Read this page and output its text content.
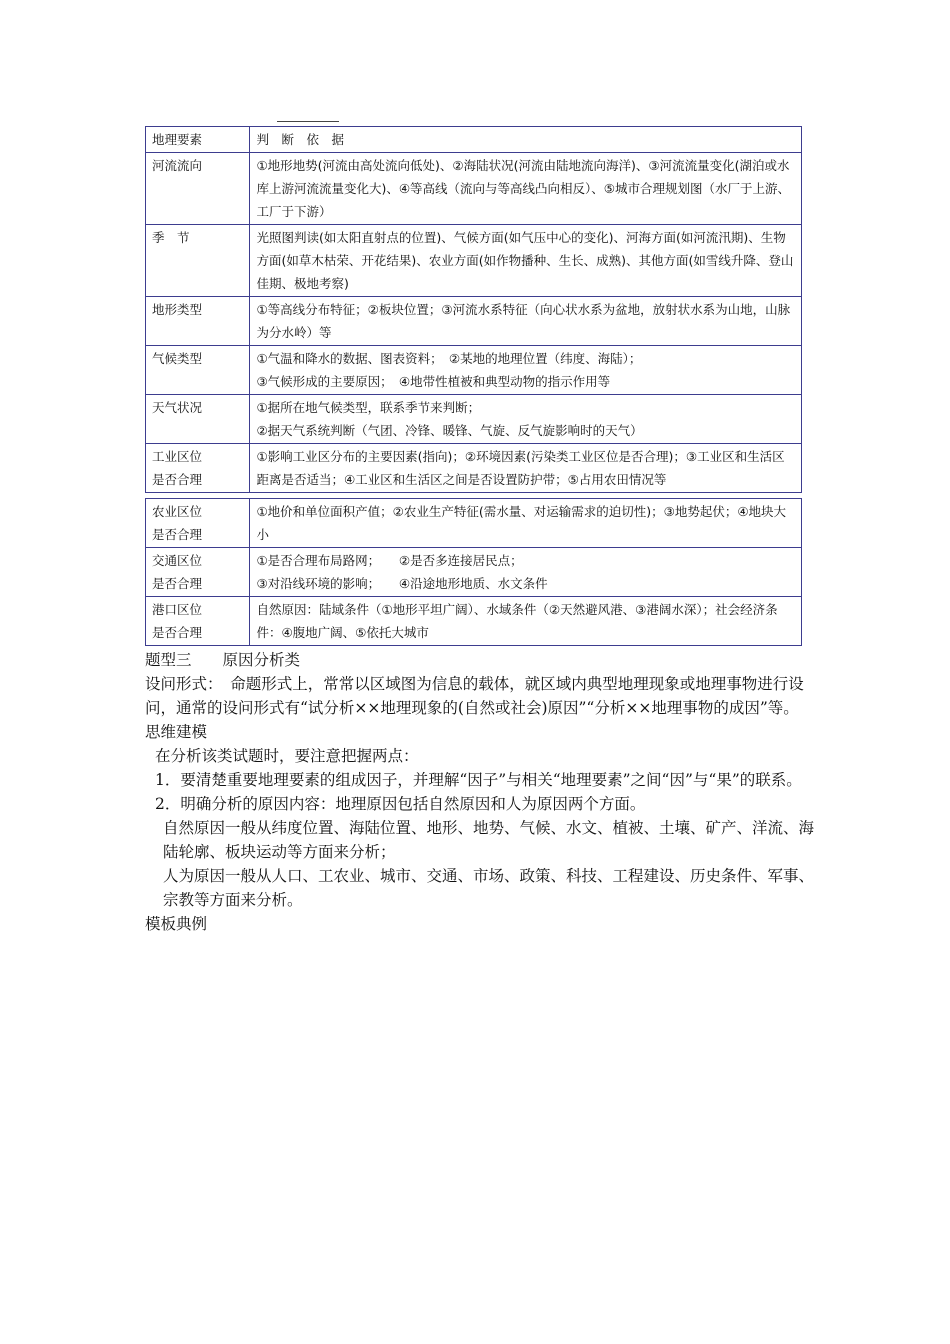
地理要素	判　断　依　据

河流流向	①地形地势(河流由高处流向低处)、②海陆状况(河流由陆地流向海洋)、③河流流量变化(湖泊或水库上游河流流量变化大)、④等高线（流向与等高线凸向相反）、⑤城市合理规划图（水厂于上游、工厂于下游）

季　节	光照图判读(如太阳直射点的位置)、气候方面(如气压中心的变化)、河海方面(如河流汛期)、生物方面(如草木枯荣、开花结果)、农业方面(如作物播种、生长、成熟)、其他方面(如雪线升降、登山佳期、极地考察)

地形类型	①等高线分布特征；②板块位置；③河流水系特征（向心状水系为盆地，放射状水系为山地，山脉为分水岭）等

气候类型	①气温和降水的数据、图表资料；　②某地的地理位置（纬度、海陆）；
③气候形成的主要原因；　④地带性植被和典型动物的指示作用等

天气状况	①据所在地气候类型，联系季节来判断；
②据天气系统判断（气团、冷锋、暖锋、气旋、反气旋影响时的天气）

工业区位
是否合理	①影响工业区分布的主要因素(指向)；②环境因素(污染类工业区位是否合理)；③工业区和生活区距离是否适当；④工业区和生活区之间是否设置防护带；⑤占用农田情况等
农业区位
是否合理	①地价和单位面积产值；②农业生产特征(需水量、对运输需求的迫切性)；③地势起伏；④地块大小

交通区位
是否合理	①是否合理布局路网；　　②是否多连接居民点；
③对沿线环境的影响；　　④沿途地形地质、水文条件

港口区位
是否合理	自然原因：陆域条件（①地形平坦广阔）、水域条件（②天然避风港、③港阔水深）；社会经济条件：④腹地广阔、⑤依托大城市

题型三　　原因分析类

设问形式：　命题形式上，常常以区域图为信息的载体，就区域内典型地理现象或地理事物进行设问，通常的设问形式有“试分析××地理现象的(自然或社会)原因”“分析××地理事物的成因”等。

思维建模

在分析该类试题时，要注意把握两点：

1．要清楚重要地理要素的组成因子，并理解“因子”与相关“地理要素”之间“因”与“果”的联系。

2．明确分析的原因内容：地理原因包括自然原因和人为原因两个方面。

自然原因一般从纬度位置、海陆位置、地形、地势、气候、水文、植被、土壤、矿产、洋流、海陆轮廓、板块运动等方面来分析；

人为原因一般从人口、工农业、城市、交通、市场、政策、科技、工程建设、历史条件、军事、宗教等方面来分析。

模板典例
